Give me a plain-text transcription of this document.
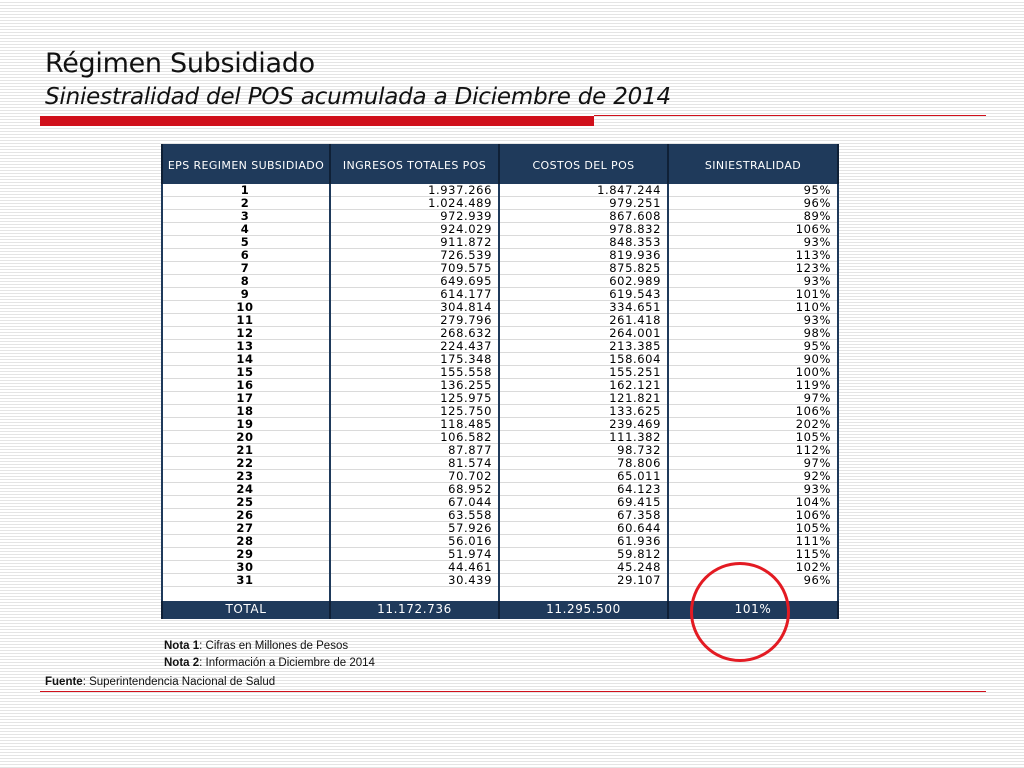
Régimen Subsidiado
Siniestralidad del POS acumulada a Diciembre de 2014
EPS REGIMEN SUBSIDIADO	INGRESOS TOTALES POS	COSTOS DEL POS	SINIESTRALIDAD
1	1.937.266	1.847.244	95%
2	1.024.489	979.251	96%
3	972.939	867.608	89%
4	924.029	978.832	106%
5	911.872	848.353	93%
6	726.539	819.936	113%
7	709.575	875.825	123%
8	649.695	602.989	93%
9	614.177	619.543	101%
10	304.814	334.651	110%
11	279.796	261.418	93%
12	268.632	264.001	98%
13	224.437	213.385	95%
14	175.348	158.604	90%
15	155.558	155.251	100%
16	136.255	162.121	119%
17	125.975	121.821	97%
18	125.750	133.625	106%
19	118.485	239.469	202%
20	106.582	111.382	105%
21	87.877	98.732	112%
22	81.574	78.806	97%
23	70.702	65.011	92%
24	68.952	64.123	93%
25	67.044	69.415	104%
26	63.558	67.358	106%
27	57.926	60.644	105%
28	56.016	61.936	111%
29	51.974	59.812	115%
30	44.461	45.248	102%
31	30.439	29.107	96%

TOTAL	11.172.736	11.295.500	101%
Nota 1: Cifras en Millones de Pesos
Nota 2: Información a Diciembre de 2014
Fuente: Superintendencia Nacional de Salud
